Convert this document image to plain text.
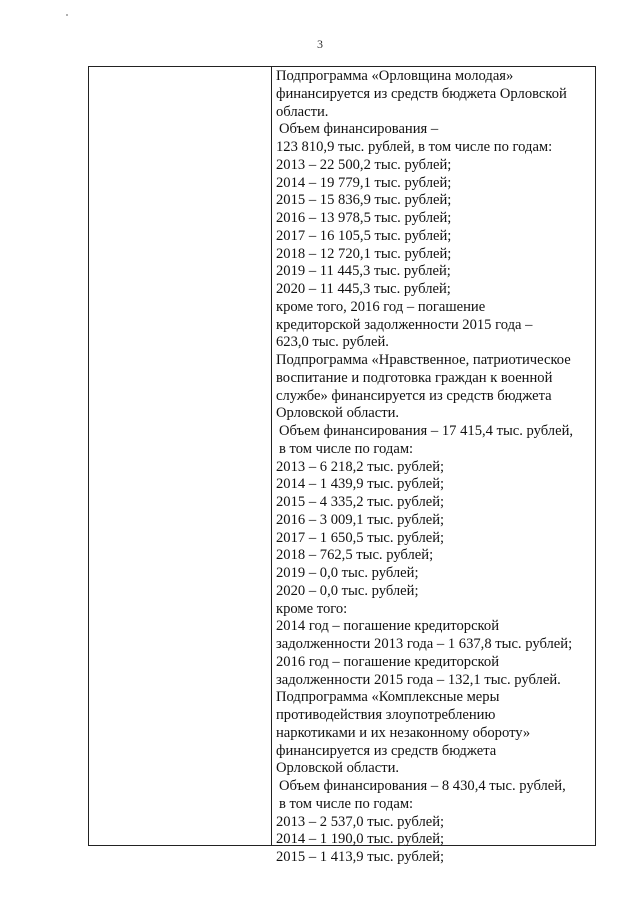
3
Подпрограмма «Орловщина молодая»
финансируется из средств бюджета Орловской
области.
Объем финансирования –
123 810,9 тыс. рублей, в том числе по годам:
2013 – 22 500,2 тыс. рублей;
2014 – 19 779,1 тыс. рублей;
2015 – 15 836,9 тыс. рублей;
2016 – 13 978,5 тыс. рублей;
2017 – 16 105,5 тыс. рублей;
2018 – 12 720,1 тыс. рублей;
2019 – 11 445,3 тыс. рублей;
2020 – 11 445,3 тыс. рублей;
кроме того, 2016 год – погашение
кредиторской задолженности 2015 года –
623,0 тыс. рублей.
Подпрограмма «Нравственное, патриотическое
воспитание и подготовка граждан к военной
службе» финансируется из средств бюджета
Орловской области.
Объем финансирования – 17 415,4 тыс. рублей,
в том числе по годам:
2013 – 6 218,2 тыс. рублей;
2014 – 1 439,9 тыс. рублей;
2015 – 4 335,2 тыс. рублей;
2016 – 3 009,1 тыс. рублей;
2017 – 1 650,5 тыс. рублей;
2018 – 762,5 тыс. рублей;
2019 – 0,0 тыс. рублей;
2020 – 0,0 тыс. рублей;
кроме того:
2014 год – погашение кредиторской
задолженности 2013 года – 1 637,8 тыс. рублей;
2016 год – погашение кредиторской
задолженности 2015 года – 132,1 тыс. рублей.
Подпрограмма «Комплексные меры
противодействия злоупотреблению
наркотиками и их незаконному обороту»
финансируется из средств бюджета
Орловской области.
Объем финансирования – 8 430,4 тыс. рублей,
в том числе по годам:
2013 – 2 537,0 тыс. рублей;
2014 – 1 190,0 тыс. рублей;
2015 – 1 413,9 тыс. рублей;
